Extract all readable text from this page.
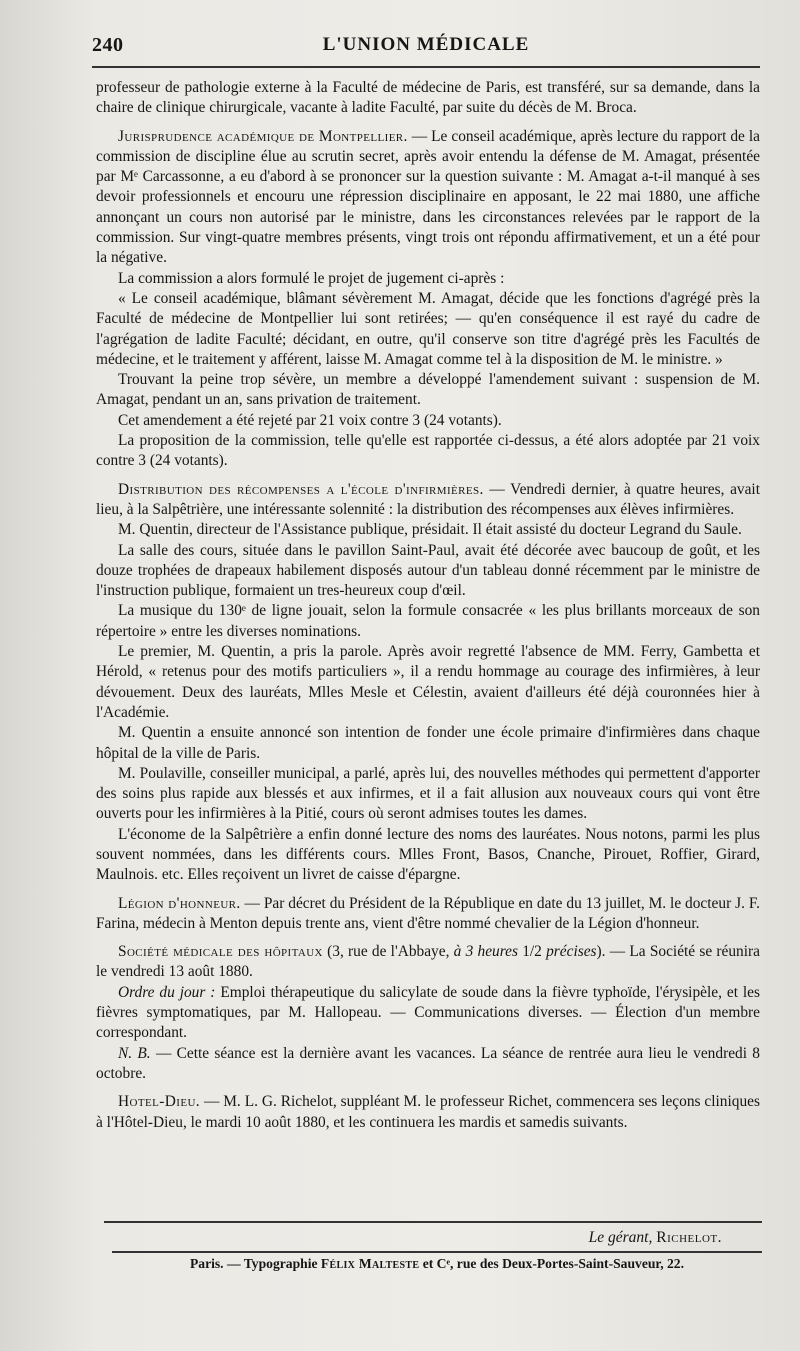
240	L'UNION MÉDICALE

professeur de pathologie externe à la Faculté de médecine de Paris, est transféré, sur sa demande, dans la chaire de clinique chirurgicale, vacante à ladite Faculté, par suite du décès de M. Broca.

Jurisprudence académique de Montpellier. — Le conseil académique, après lecture du rapport de la commission de discipline élue au scrutin secret, après avoir entendu la défense de M. Amagat, présentée par Mᵉ Carcassonne, a eu d'abord à se prononcer sur la question suivante : M. Amagat a-t-il manqué à ses devoir professionnels et encouru une répression disciplinaire en apposant, le 22 mai 1880, une affiche annonçant un cours non autorisé par le ministre, dans les circonstances relevées par le rapport de la commission. Sur vingt-quatre membres présents, vingt trois ont répondu affirmativement, et un a été pour la négative.

La commission a alors formulé le projet de jugement ci-après :

« Le conseil académique, blâmant sévèrement M. Amagat, décide que les fonctions d'agrégé près la Faculté de médecine de Montpellier lui sont retirées; — qu'en conséquence il est rayé du cadre de l'agrégation de ladite Faculté; décidant, en outre, qu'il conserve son titre d'agrégé près les Facultés de médecine, et le traitement y afférent, laisse M. Amagat comme tel à la disposition de M. le ministre. »

Trouvant la peine trop sévère, un membre a développé l'amendement suivant : suspension de M. Amagat, pendant un an, sans privation de traitement.

Cet amendement a été rejeté par 21 voix contre 3 (24 votants).

La proposition de la commission, telle qu'elle est rapportée ci-dessus, a été alors adoptée par 21 voix contre 3 (24 votants).

Distribution des récompenses a l'école d'infirmières. — Vendredi dernier, à quatre heures, avait lieu, à la Salpêtrière, une intéressante solennité : la distribution des récompenses aux élèves infirmières.

M. Quentin, directeur de l'Assistance publique, présidait. Il était assisté du docteur Legrand du Saule.

La salle des cours, située dans le pavillon Saint-Paul, avait été décorée avec baucoup de goût, et les douze trophées de drapeaux habilement disposés autour d'un tableau donné récemment par le ministre de l'instruction publique, formaient un tres-heureux coup d'œil.

La musique du 130ᵉ de ligne jouait, selon la formule consacrée « les plus brillants morceaux de son répertoire » entre les diverses nominations.

Le premier, M. Quentin, a pris la parole. Après avoir regretté l'absence de MM. Ferry, Gambetta et Hérold, « retenus pour des motifs particuliers », il a rendu hommage au courage des infirmières, à leur dévouement. Deux des lauréats, Mlles Mesle et Célestin, avaient d'ailleurs été déjà couronnées hier à l'Académie.

M. Quentin a ensuite annoncé son intention de fonder une école primaire d'infirmières dans chaque hôpital de la ville de Paris.

M. Poulaville, conseiller municipal, a parlé, après lui, des nouvelles méthodes qui permettent d'apporter des soins plus rapide aux blessés et aux infirmes, et il a fait allusion aux nouveaux cours qui vont être ouverts pour les infirmières à la Pitié, cours où seront admises toutes les dames.

L'économe de la Salpêtrière a enfin donné lecture des noms des lauréates. Nous notons, parmi les plus souvent nommées, dans les différents cours. Mlles Front, Basos, Cnanche, Pirouet, Roffier, Girard, Maulnois. etc. Elles reçoivent un livret de caisse d'épargne.

Légion d'honneur. — Par décret du Président de la République en date du 13 juillet, M. le docteur J. F. Farina, médecin à Menton depuis trente ans, vient d'être nommé chevalier de la Légion d'honneur.

Société médicale des hôpitaux (3, rue de l'Abbaye, à 3 heures 1/2 précises). — La Société se réunira le vendredi 13 août 1880.

Ordre du jour : Emploi thérapeutique du salicylate de soude dans la fièvre typhoïde, l'érysipèle, et les fièvres symptomatiques, par M. Hallopeau. — Communications diverses. — Élection d'un membre correspondant.

N. B. — Cette séance est la dernière avant les vacances. La séance de rentrée aura lieu le vendredi 8 octobre.

Hotel-Dieu. — M. L. G. Richelot, suppléant M. le professeur Richet, commencera ses leçons cliniques à l'Hôtel-Dieu, le mardi 10 août 1880, et les continuera les mardis et samedis suivants.

Le gérant, Richelot.
Paris. — Typographie Félix Malteste et Cᵉ, rue des Deux-Portes-Saint-Sauveur, 22.
